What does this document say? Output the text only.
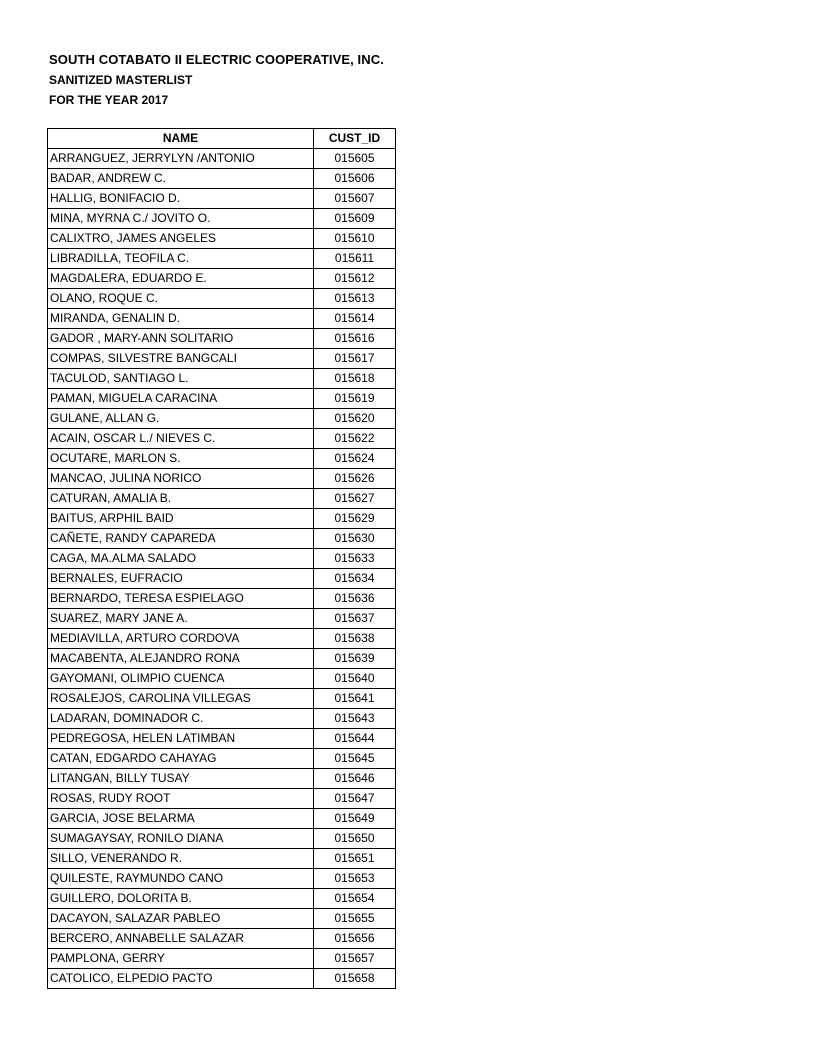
SOUTH COTABATO II ELECTRIC COOPERATIVE, INC.
SANITIZED MASTERLIST
FOR THE YEAR 2017
NAME	CUST_ID
ARRANGUEZ, JERRYLYN /ANTONIO	015605
BADAR, ANDREW C.	015606
HALLIG, BONIFACIO D.	015607
MINA, MYRNA C./ JOVITO O.	015609
CALIXTRO, JAMES ANGELES	015610
LIBRADILLA, TEOFILA C.	015611
MAGDALERA, EDUARDO E.	015612
OLANO, ROQUE C.	015613
MIRANDA, GENALIN D.	015614
GADOR , MARY-ANN SOLITARIO	015616
COMPAS, SILVESTRE BANGCALI	015617
TACULOD, SANTIAGO L.	015618
PAMAN, MIGUELA CARACINA	015619
GULANE, ALLAN G.	015620
ACAIN, OSCAR L./ NIEVES C.	015622
OCUTARE, MARLON S.	015624
MANCAO, JULINA NORICO	015626
CATURAN, AMALIA B.	015627
BAITUS, ARPHIL BAID	015629
CAÑETE, RANDY CAPAREDA	015630
CAGA, MA.ALMA SALADO	015633
BERNALES, EUFRACIO	015634
BERNARDO, TERESA ESPIELAGO	015636
SUAREZ, MARY JANE A.	015637
MEDIAVILLA, ARTURO CORDOVA	015638
MACABENTA, ALEJANDRO RONA	015639
GAYOMANI, OLIMPIO CUENCA	015640
ROSALEJOS, CAROLINA VILLEGAS	015641
LADARAN, DOMINADOR C.	015643
PEDREGOSA, HELEN LATIMBAN	015644
CATAN, EDGARDO CAHAYAG	015645
LITANGAN, BILLY TUSAY	015646
ROSAS, RUDY ROOT	015647
GARCIA, JOSE BELARMA	015649
SUMAGAYSAY, RONILO DIANA	015650
SILLO, VENERANDO R.	015651
QUILESTE, RAYMUNDO CANO	015653
GUILLERO, DOLORITA B.	015654
DACAYON, SALAZAR PABLEO	015655
BERCERO, ANNABELLE SALAZAR	015656
PAMPLONA, GERRY	015657
CATOLICO, ELPEDIO PACTO	015658
